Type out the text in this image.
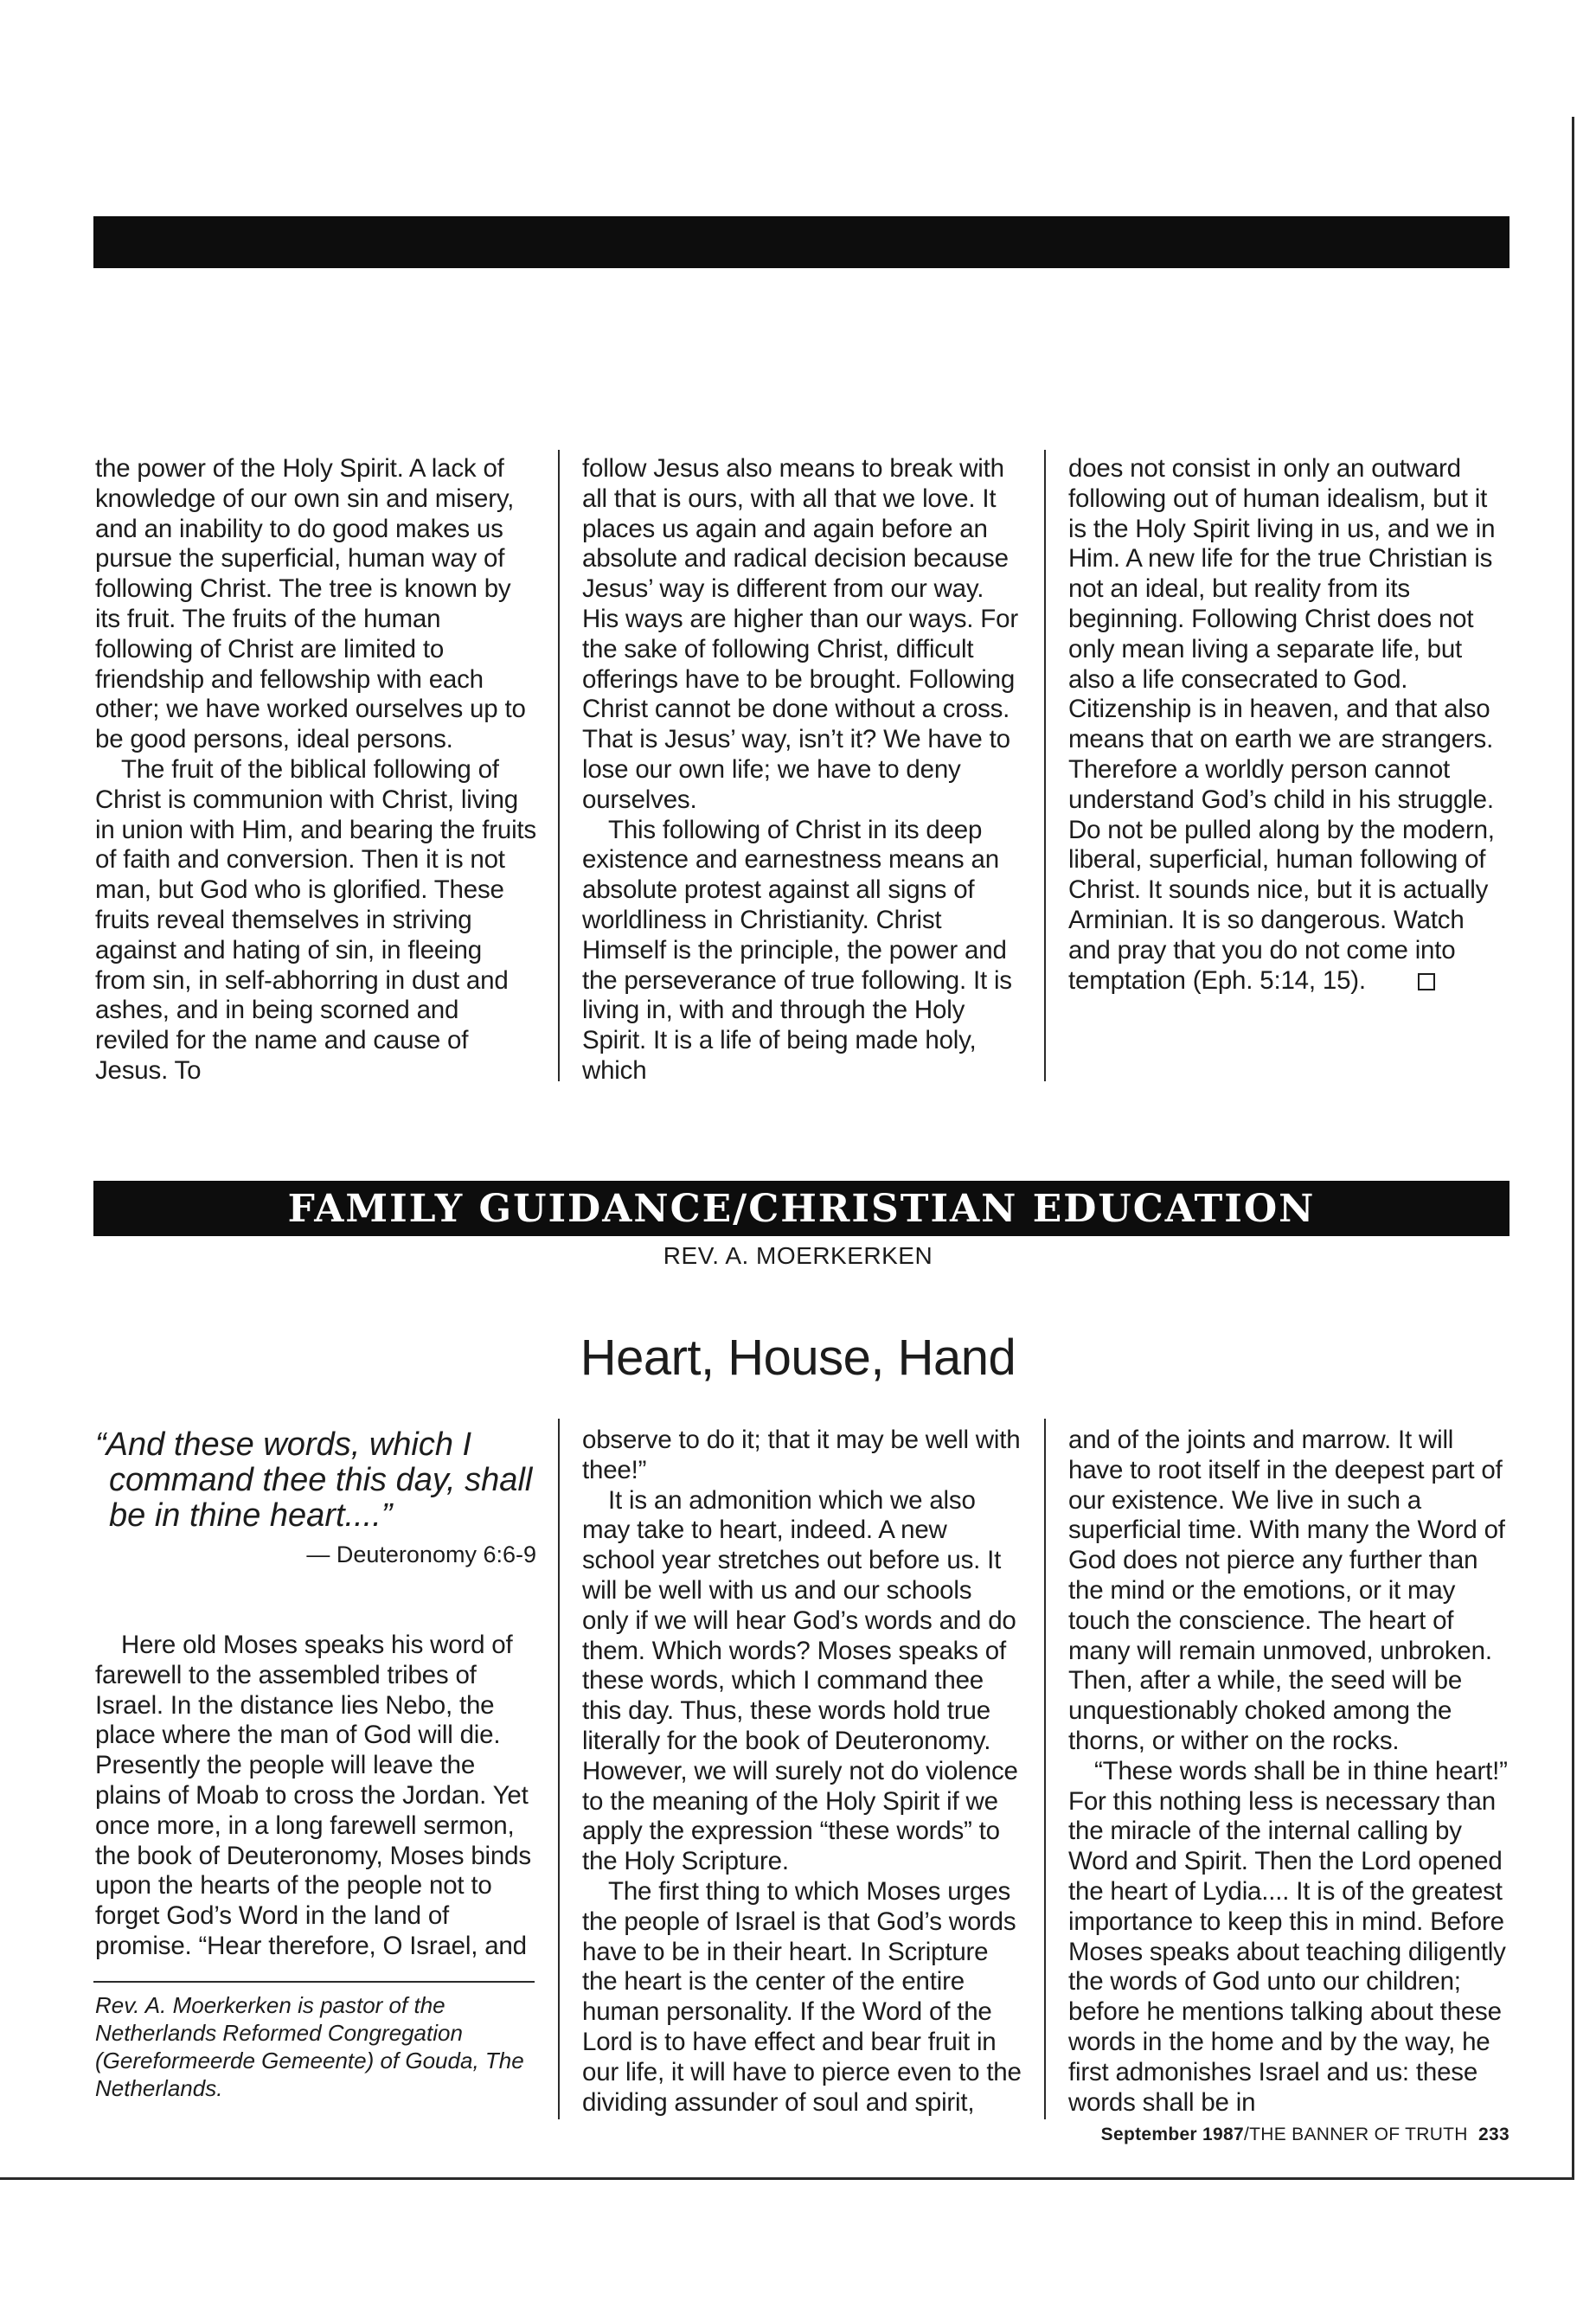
the power of the Holy Spirit. A lack of knowledge of our own sin and misery, and an inability to do good makes us pursue the superficial, human way of following Christ. The tree is known by its fruit. The fruits of the human following of Christ are limited to friendship and fellowship with each other; we have worked ourselves up to be good persons, ideal persons.

The fruit of the biblical following of Christ is communion with Christ, living in union with Him, and bearing the fruits of faith and conversion. Then it is not man, but God who is glorified. These fruits reveal themselves in striving against and hating of sin, in fleeing from sin, in self-abhorring in dust and ashes, and in being scorned and reviled for the name and cause of Jesus. To

follow Jesus also means to break with all that is ours, with all that we love. It places us again and again before an absolute and radical decision because Jesus’ way is different from our way. His ways are higher than our ways. For the sake of following Christ, difficult offerings have to be brought. Following Christ cannot be done without a cross. That is Jesus’ way, isn’t it? We have to lose our own life; we have to deny ourselves.

This following of Christ in its deep existence and earnestness means an absolute protest against all signs of worldliness in Christianity. Christ Himself is the principle, the power and the perseverance of true following. It is living in, with and through the Holy Spirit. It is a life of being made holy, which

does not consist in only an outward following out of human idealism, but it is the Holy Spirit living in us, and we in Him. A new life for the true Christian is not an ideal, but reality from its beginning. Following Christ does not only mean living a separate life, but also a life consecrated to God. Citizenship is in heaven, and that also means that on earth we are strangers. Therefore a worldly person cannot understand God’s child in his struggle. Do not be pulled along by the modern, liberal, superficial, human following of Christ. It sounds nice, but it is actually Arminian. It is so dangerous. Watch and pray that you do not come into temptation (Eph. 5:14, 15).

FAMILY GUIDANCE/CHRISTIAN EDUCATION
REV. A. MOERKERKEN
Heart, House, Hand

“And these words, which I

command thee this day, shall

be in thine heart....”

— Deuteronomy 6:6-9

Here old Moses speaks his word of farewell to the assembled tribes of Israel. In the distance lies Nebo, the place where the man of God will die. Presently the people will leave the plains of Moab to cross the Jordan. Yet once more, in a long farewell sermon, the book of Deuteronomy, Moses binds upon the hearts of the people not to forget God’s Word in the land of promise. “Hear therefore, O Israel, and

Rev. A. Moerkerken is pastor of the Netherlands Reformed Congregation (Gereformeerde Gemeente) of Gouda, The Netherlands.

observe to do it; that it may be well with thee!”

It is an admonition which we also may take to heart, indeed. A new school year stretches out before us. It will be well with us and our schools only if we will hear God’s words and do them. Which words? Moses speaks of these words, which I command thee this day. Thus, these words hold true literally for the book of Deuteronomy. However, we will surely not do violence to the meaning of the Holy Spirit if we apply the expression “these words” to the Holy Scripture.

The first thing to which Moses urges the people of Israel is that God’s words have to be in their heart. In Scripture the heart is the center of the entire human personality. If the Word of the Lord is to have effect and bear fruit in our life, it will have to pierce even to the dividing assunder of soul and spirit,

and of the joints and marrow. It will have to root itself in the deepest part of our existence. We live in such a superficial time. With many the Word of God does not pierce any further than the mind or the emotions, or it may touch the conscience. The heart of many will remain unmoved, unbroken. Then, after a while, the seed will be unquestionably choked among the thorns, or wither on the rocks.

“These words shall be in thine heart!” For this nothing less is necessary than the miracle of the internal calling by Word and Spirit. Then the Lord opened the heart of Lydia.... It is of the greatest importance to keep this in mind. Before Moses speaks about teaching diligently the words of God unto our children; before he mentions talking about these words in the home and by the way, he first admonishes Israel and us: these words shall be in

September 1987/THE BANNER OF TRUTH 233
